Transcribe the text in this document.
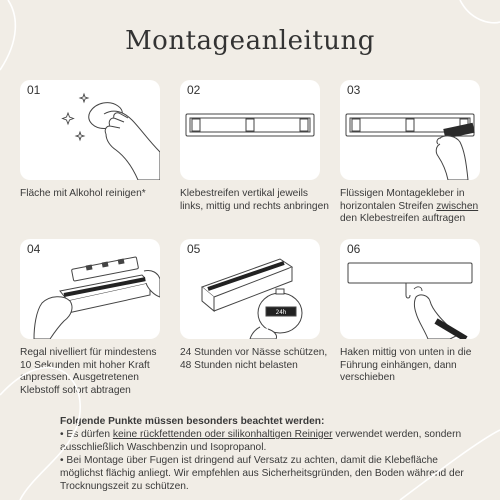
Montageanleitung
01
Fläche mit Alkohol reinigen*
02
Klebestreifen vertikal jeweils links, mittig und rechts anbringen
03
Flüssigen Montagekleber in horizontalen Streifen zwischen den Klebestreifen auftragen
04
Regal nivelliert für mindestens 10 Sekunden mit hoher Kraft anpressen. Ausgetretenen Klebstoff sofort abtragen
05
24h
24 Stunden vor Nässe schützen, 48 Stunden nicht belasten
06
Haken mittig von unten in die Führung einhängen, dann verschieben
Folgende Punkte müssen besonders beachtet werden:
• Es dürfen keine rückfettenden oder silikonhaltigen Reiniger verwendet werden, sondern ausschließlich Waschbenzin und Isopropanol.
• Bei Montage über Fugen ist dringend auf Versatz zu achten, damit die Klebefläche möglichst flächig anliegt. Wir empfehlen aus Sicherheitsgründen, den Boden während der Trocknungszeit zu schützen.
